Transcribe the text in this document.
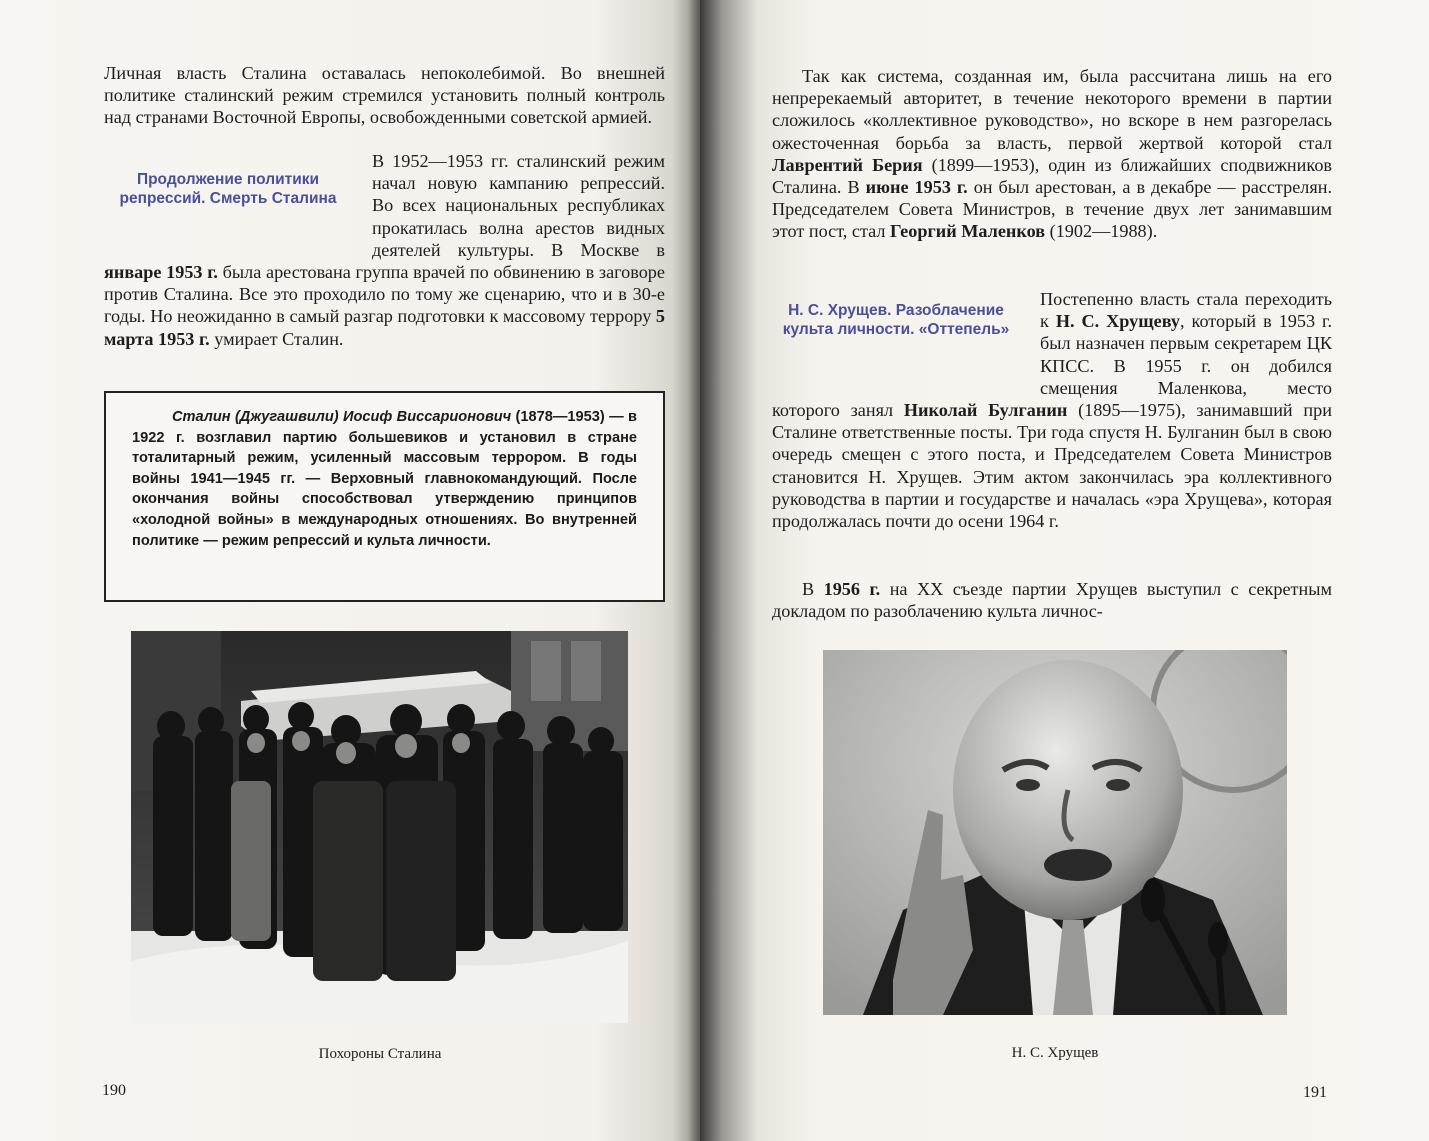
Личная власть Сталина оставалась непоколебимой. Во внешней политике сталинский режим стремился установить полный контроль над странами Восточной Европы, освобожденными советской армией.

Продолжение политики репрессий. Смерть Сталина

В 1952—1953 гг. сталинский режим начал новую кампанию репрессий. Во всех национальных республиках прокатилась волна арестов видных деятелей культуры. В Москве в январе 1953 г. была арестована группа врачей по обвинению в заговоре против Сталина. Все это проходило по тому же сценарию, что и в 30-е годы. Но неожиданно в самый разгар подготовки к массовому террору 5 марта 1953 г. умирает Сталин.

Сталин (Джугашвили) Иосиф Виссарионович (1878—1953) — в 1922 г. возглавил партию большевиков и установил в стране тоталитарный режим, усиленный массовым террором. В годы войны 1941—1945 гг. — Верховный главнокомандующий. После окончания войны способствовал утверждению принципов «холодной войны» в международных отношениях. Во внутренней политике — режим репрессий и культа личности.
Похороны Сталина
190

Так как система, созданная им, была рассчитана лишь на его непререкаемый авторитет, в течение некоторого времени в партии сложилось «коллективное руководство», но вскоре в нем разгорелась ожесточенная борьба за власть, первой жертвой которой стал Лаврентий Берия (1899—1953), один из ближайших сподвижников Сталина. В июне 1953 г. он был арестован, а в декабре — расстрелян. Председателем Совета Министров, в течение двух лет занимавшим этот пост, стал Георгий Маленков (1902—1988).

Н. С. Хрущев. Разоблачение культа личности. «Оттепель»

Постепенно власть стала переходить к Н. С. Хрущеву, который в 1953 г. был назначен первым секретарем ЦК КПСС. В 1955 г. он добился смещения Маленкова, место которого занял Николай Булганин (1895—1975), занимавший при Сталине ответственные посты. Три года спустя Н. Булганин был в свою очередь смещен с этого поста, и Председателем Совета Министров становится Н. Хрущев. Этим актом закончилась эра коллективного руководства в партии и государстве и началась «эра Хрущева», которая продолжалась почти до осени 1964 г.

В 1956 г. на XX съезде партии Хрущев выступил с секретным докладом по разоблачению культа личнос-

Н. С. Хрущев
191
